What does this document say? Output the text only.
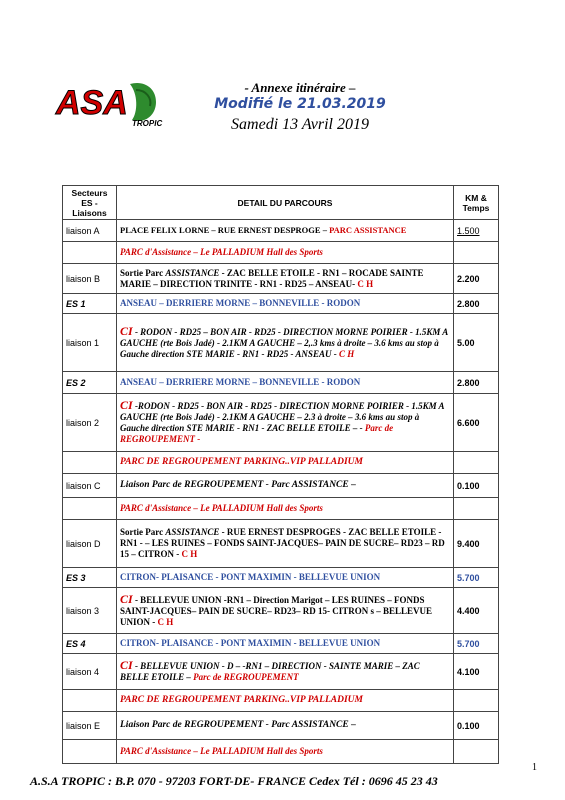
ASA
TROPIC
- Annexe itinéraire –
Modifié le 21.03.2019
Samedi 13 Avril 2019
Secteurs ES - Liaisons	DETAIL DU PARCOURS	KM & Temps
liaison A	PLACE FELIX LORNE – RUE ERNEST DESPROGE – PARC ASSISTANCE	1.500
	PARC d'Assistance – Le PALLADIUM Hall des Sports	
liaison B	Sortie Parc ASSISTANCE - ZAC BELLE ETOILE - RN1 – ROCADE SAINTE MARIE – DIRECTION TRINITE - RN1 - RD25 – ANSEAU- C H	2.200
ES 1	ANSEAU – DERRIERE MORNE – BONNEVILLE - RODON	2.800
liaison 1	CI - RODON - RD25 – BON AIR - RD25 - DIRECTION MORNE POIRIER - 1.5KM A GAUCHE (rte Bois Jadé) - 2.1KM A GAUCHE – 2,.3 kms à droite – 3.6 kms au stop à Gauche direction STE MARIE - RN1 - RD25 - ANSEAU - C H	5.00
ES 2	ANSEAU – DERRIERE MORNE – BONNEVILLE - RODON	2.800
liaison 2	CI -RODON - RD25 - BON AIR - RD25 - DIRECTION MORNE POIRIER - 1.5KM A GAUCHE (rte Bois Jadé) - 2.1KM A GAUCHE – 2.3 à droite – 3.6 kms au stop à Gauche direction STE MARIE - RN1 - ZAC BELLE ETOILE – - Parc de REGROUPEMENT -	6.600
	PARC DE REGROUPEMENT PARKING..VIP PALLADIUM	
liaison C	Liaison Parc de REGROUPEMENT - Parc ASSISTANCE –	0.100
	PARC d'Assistance – Le PALLADIUM Hall des Sports	
liaison D	Sortie Parc ASSISTANCE - RUE ERNEST DESPROGES - ZAC BELLE ETOILE - RN1 - – LES RUINES – FONDS SAINT-JACQUES– PAIN DE SUCRE– RD23 – RD 15 – CITRON - C H	9.400
ES 3	CITRON- PLAISANCE - PONT MAXIMIN - BELLEVUE UNION	5.700
liaison 3	CI - BELLEVUE UNION -RN1 – Direction Marigot – LES RUINES – FONDS SAINT-JACQUES– PAIN DE SUCRE– RD23– RD 15- CITRON s – BELLEVUE UNION - C H	4.400
ES 4	CITRON- PLAISANCE - PONT MAXIMIN - BELLEVUE UNION	5.700
liaison 4	CI - BELLEVUE UNION - D – -RN1 – DIRECTION - SAINTE MARIE – ZAC BELLE ETOILE – Parc de REGROUPEMENT	4.100
	PARC DE REGROUPEMENT PARKING..VIP PALLADIUM	
liaison E	Liaison Parc de REGROUPEMENT - Parc ASSISTANCE –	0.100
	PARC d'Assistance – Le PALLADIUM Hall des Sports	
1
A.S.A TROPIC : B.P. 070 - 97203 FORT-DE- FRANCE Cedex Tél : 0696 45 23 43
